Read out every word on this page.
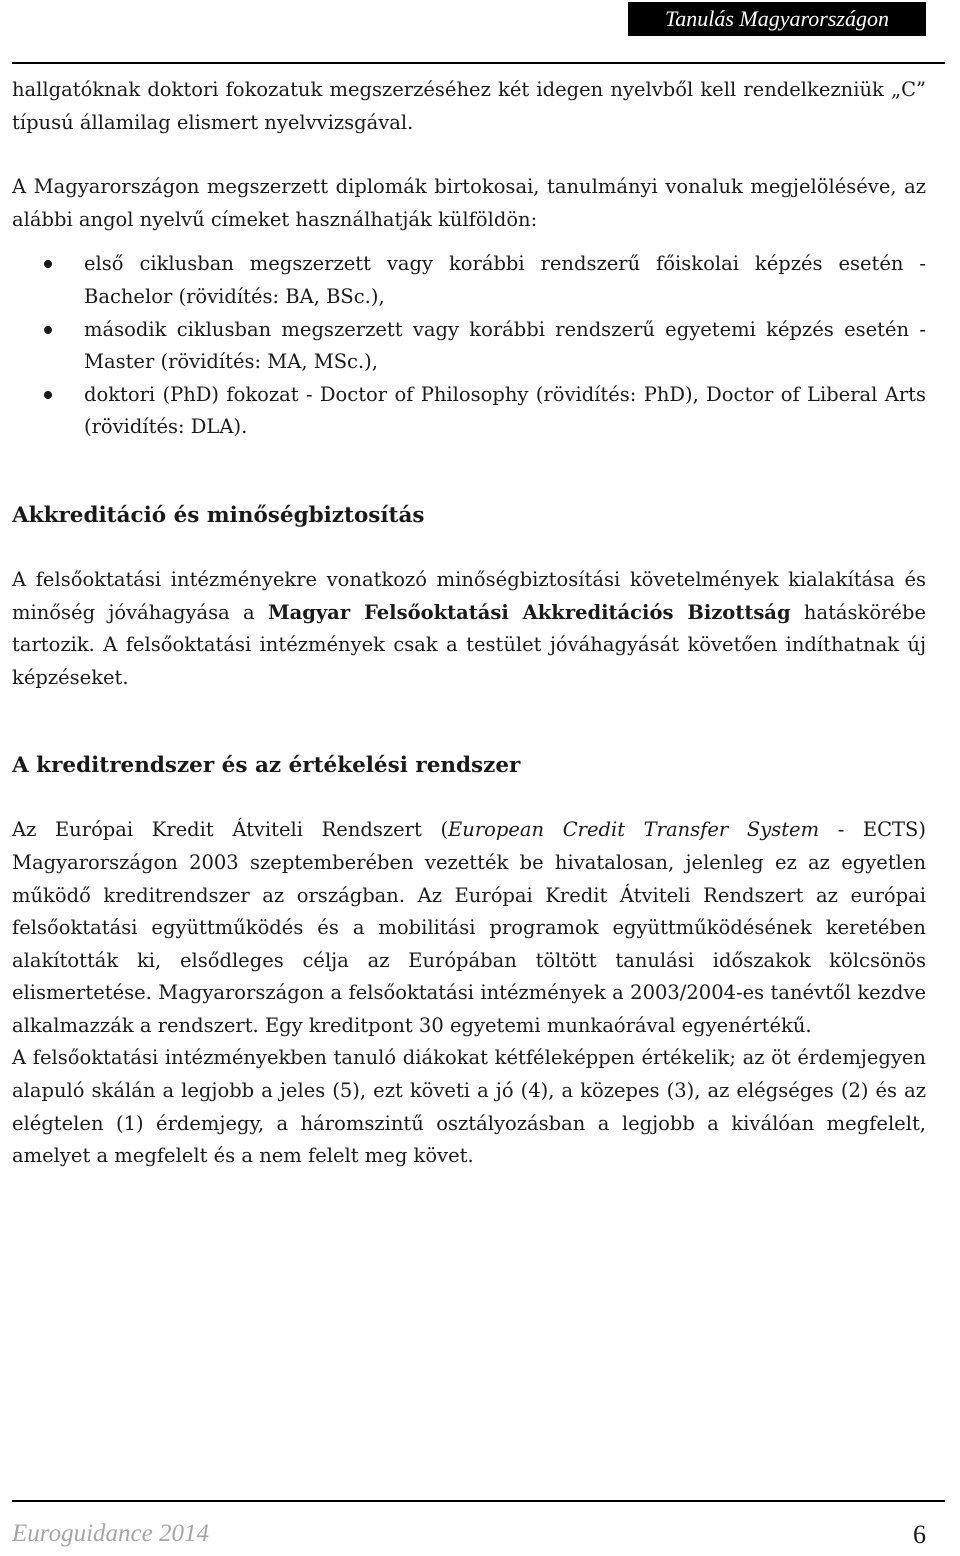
Tanulás Magyarországon

hallgatóknak doktori fokozatuk megszerzéséhez két idegen nyelvből kell rendelkezniük „C” típusú államilag elismert nyelvvizsgával.

A Magyarországon megszerzett diplomák birtokosai, tanulmányi vonaluk megjelöléséve, az alábbi angol nyelvű címeket használhatják külföldön:

első ciklusban megszerzett vagy korábbi rendszerű főiskolai képzés esetén - Bachelor (rövidítés: BA, BSc.),
második ciklusban megszerzett vagy korábbi rendszerű egyetemi képzés esetén - Master (rövidítés: MA, MSc.),
doktori (PhD) fokozat - Doctor of Philosophy (rövidítés: PhD), Doctor of Liberal Arts (rövidítés: DLA).
Akkreditáció és minőségbiztosítás

A felsőoktatási intézményekre vonatkozó minőségbiztosítási követelmények kialakítása és minőség jóváhagyása a Magyar Felsőoktatási Akkreditációs Bizottság hatáskörébe tartozik. A felsőoktatási intézmények csak a testület jóváhagyását követően indíthatnak új képzéseket.

A kreditrendszer és az értékelési rendszer

Az Európai Kredit Átviteli Rendszert (European Credit Transfer System - ECTS) Magyarországon 2003 szeptemberében vezették be hivatalosan, jelenleg ez az egyetlen működő kreditrendszer az országban. Az Európai Kredit Átviteli Rendszert az európai felsőoktatási együttműködés és a mobilitási programok együttműködésének keretében alakították ki, elsődleges célja az Európában töltött tanulási időszakok kölcsönös elismertetése. Magyarországon a felsőoktatási intézmények a 2003/2004-es tanévtől kezdve alkalmazzák a rendszert. Egy kreditpont 30 egyetemi munkaórával egyenértékű.

A felsőoktatási intézményekben tanuló diákokat kétféleképpen értékelik; az öt érdemjegyen alapuló skálán a legjobb a jeles (5), ezt követi a jó (4), a közepes (3), az elégséges (2) és az elégtelen (1) érdemjegy, a háromszintű osztályozásban a legjobb a kiválóan megfelelt, amelyet a megfelelt és a nem felelt meg követ.

Euroguidance 2014	6
